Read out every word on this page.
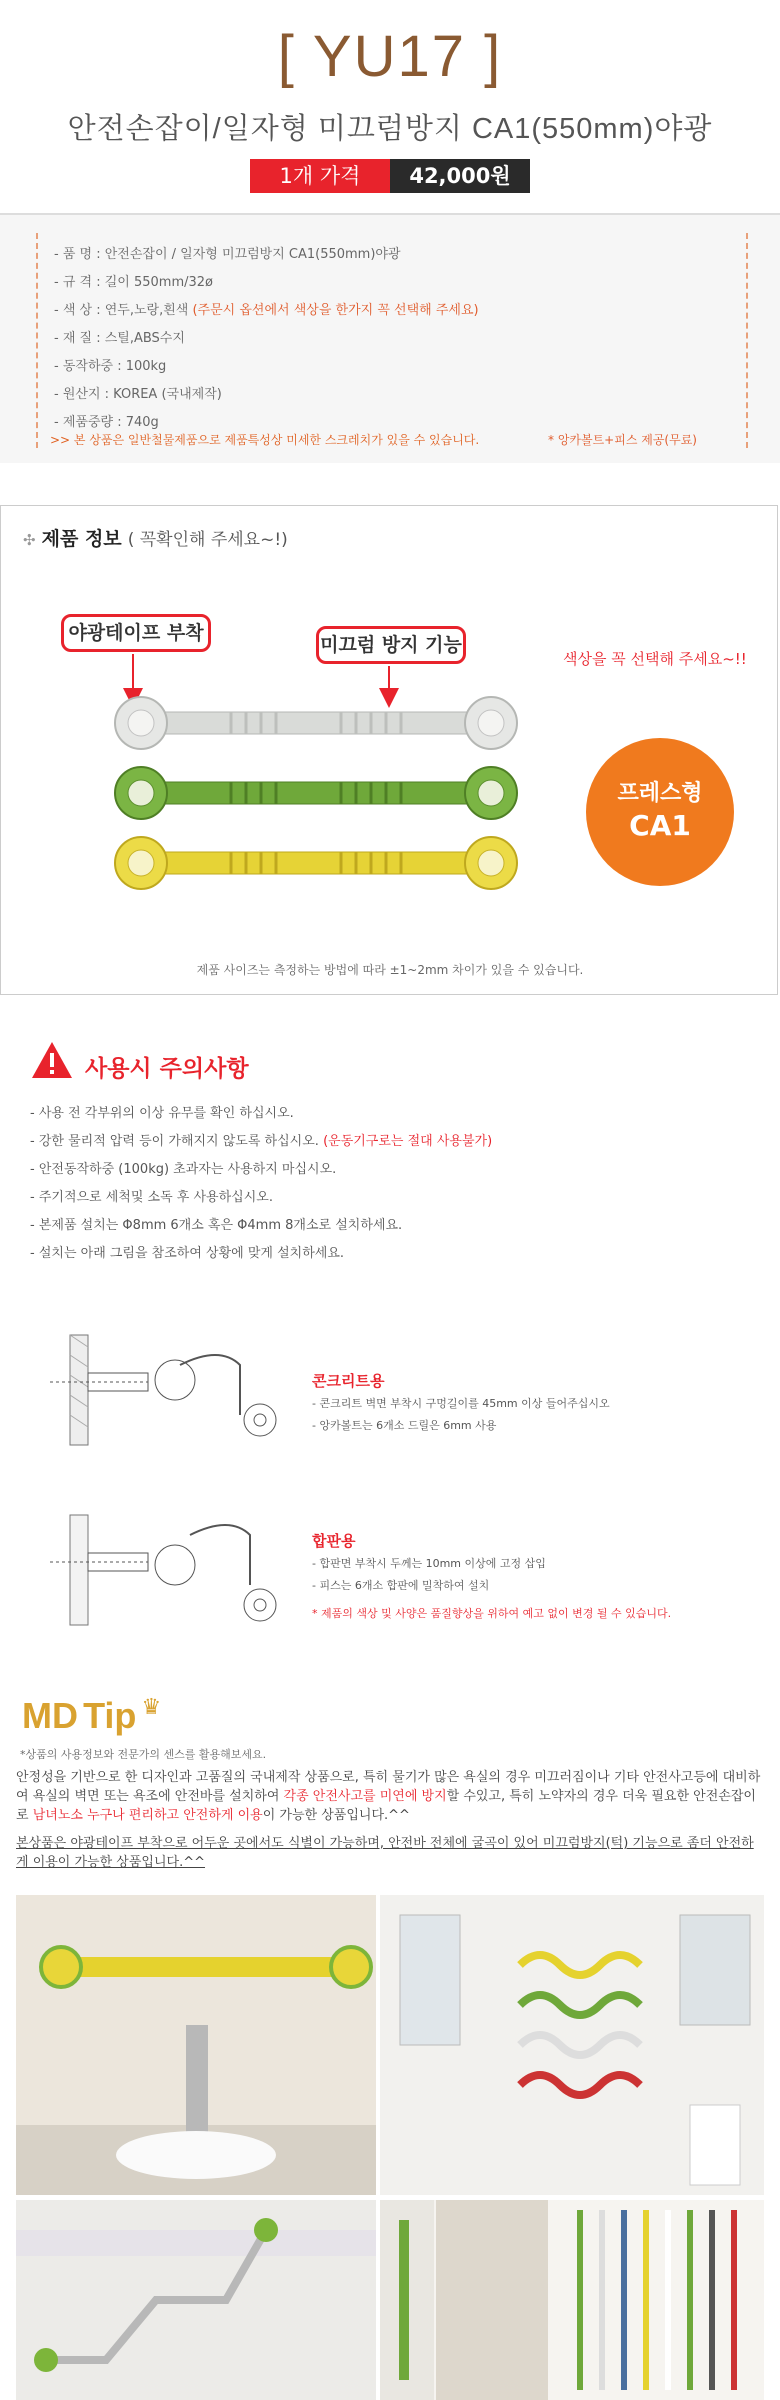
[ YU17 ]
안전손잡이/일자형 미끄럼방지 CA1(550mm)야광
1개 가격	42,000원
- 품 명 : 안전손잡이 / 일자형 미끄럼방지 CA1(550mm)야광
- 규 격 : 길이 550mm/32ø
- 색 상 : 연두,노랑,흰색 (주문시 옵션에서 색상을 한가지 꼭 선택해 주세요)
- 재 질 : 스틸,ABS수지
- 동작하중 : 100kg
- 원산지 : KOREA (국내제작)
- 제품중량 : 740g
>> 본 상품은 일반철물제품으로 제품특성상 미세한 스크레치가 있을 수 있습니다.	* 앙카볼트+피스 제공(무료)
✣ 제품 정보 ( 꼭확인해 주세요~!)
야광테이프 부착
미끄럼 방지 기능
색상을 꼭 선택해 주세요~!!
프레스형
CA1
제품 사이즈는 측정하는 방법에 따라 ±1~2mm 차이가 있을 수 있습니다.
사용시 주의사항
- 사용 전 각부위의 이상 유무를 확인 하십시오.
- 강한 물리적 압력 등이 가해지지 않도록 하십시오. (운동기구로는 절대 사용불가)
- 안전동작하중 (100kg) 초과자는 사용하지 마십시오.
- 주기적으로 세척및 소독 후 사용하십시오.
- 본제품 설치는 Φ8mm 6개소 혹은 Φ4mm 8개소로 설치하세요.
- 설치는 아래 그림을 참조하여 상황에 맞게 설치하세요.
콘크리트용
- 콘크리트 벽면 부착시 구멍길이를 45mm 이상 들어주십시오
- 앙카볼트는 6개소 드릴은 6mm 사용
합판용
- 합판면 부착시 두께는 10mm 이상에 고정 삽입
- 피스는 6개소 합판에 밀착하여 설치
* 제품의 색상 및 사양은 품질향상을 위하여 예고 없이 변경 될 수 있습니다.
MD Tip ♛
*상품의 사용정보와 전문가의 센스를 활용해보세요.
안정성을 기반으로 한 디자인과 고품질의 국내제작 상품으로, 특히 물기가 많은 욕실의 경우 미끄러짐이나 기타 안전사고등에 대비하여 욕실의 벽면 또는 욕조에 안전바를 설치하여 각종 안전사고를 미연에 방지할 수있고, 특히 노약자의 경우 더욱 필요한 안전손잡이로 남녀노소 누구나 편리하고 안전하게 이용이 가능한 상품입니다.^^
본상품은 야광테이프 부착으로 어두운 곳에서도 식별이 가능하며, 안전바 전체에 굴곡이 있어 미끄럼방지(턱) 기능으로 좀더 안전하게 이용이 가능한 상품입니다.^^
